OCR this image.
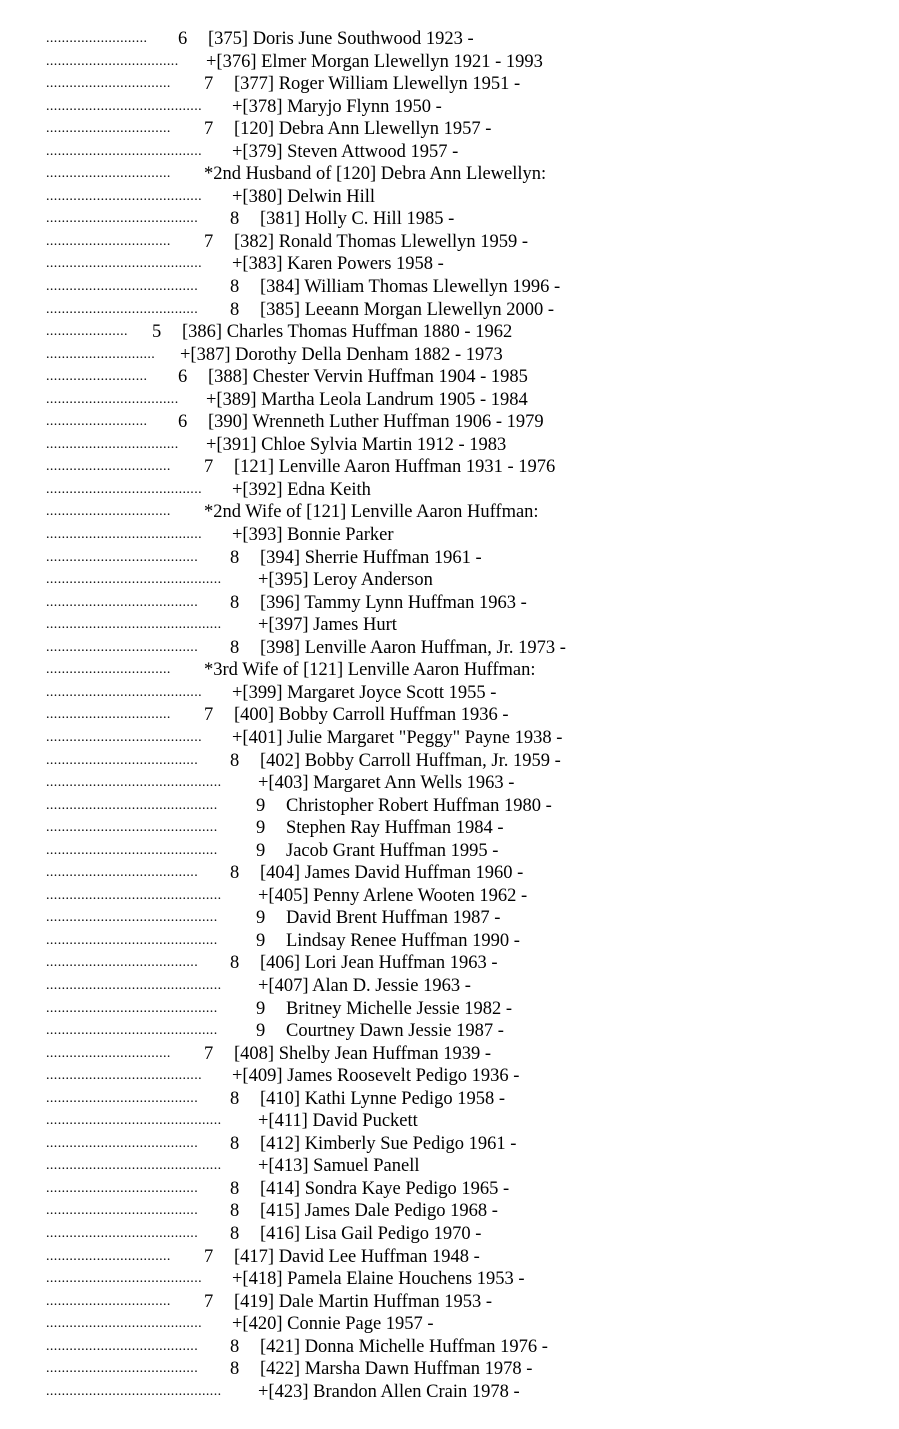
.......................... 6 [375] Doris June Southwood 1923 -
.................................. +[376] Elmer Morgan Llewellyn 1921 - 1993
................................ 7 [377] Roger William Llewellyn 1951 -
........................................ +[378] Maryjo Flynn 1950 -
................................ 7 [120] Debra Ann Llewellyn 1957 -
........................................ +[379] Steven Attwood 1957 -
................................ *2nd Husband of [120] Debra Ann Llewellyn:
........................................ +[380] Delwin Hill
....................................... 8 [381] Holly C. Hill 1985 -
................................ 7 [382] Ronald Thomas Llewellyn 1959 -
........................................ +[383] Karen Powers 1958 -
....................................... 8 [384] William Thomas Llewellyn 1996 -
....................................... 8 [385] Leeann Morgan Llewellyn 2000 -
..................... 5 [386] Charles Thomas Huffman 1880 - 1962
............................ +[387] Dorothy Della Denham 1882 - 1973
.......................... 6 [388] Chester Vervin Huffman 1904 - 1985
.................................. +[389] Martha Leola Landrum 1905 - 1984
.......................... 6 [390] Wrenneth Luther Huffman 1906 - 1979
.................................. +[391] Chloe Sylvia Martin 1912 - 1983
................................ 7 [121] Lenville Aaron Huffman 1931 - 1976
........................................ +[392] Edna Keith
................................ *2nd Wife of [121] Lenville Aaron Huffman:
........................................ +[393] Bonnie Parker
....................................... 8 [394] Sherrie Huffman 1961 -
............................................. +[395] Leroy Anderson
....................................... 8 [396] Tammy Lynn Huffman 1963 -
............................................. +[397] James Hurt
....................................... 8 [398] Lenville Aaron Huffman, Jr. 1973 -
................................ *3rd Wife of [121] Lenville Aaron Huffman:
........................................ +[399] Margaret Joyce Scott 1955 -
................................ 7 [400] Bobby Carroll Huffman 1936 -
........................................ +[401] Julie Margaret "Peggy" Payne 1938 -
....................................... 8 [402] Bobby Carroll Huffman, Jr. 1959 -
............................................. +[403] Margaret Ann Wells 1963 -
............................................ 9 Christopher Robert Huffman 1980 -
............................................ 9 Stephen Ray Huffman 1984 -
............................................ 9 Jacob Grant Huffman 1995 -
....................................... 8 [404] James David Huffman 1960 -
............................................. +[405] Penny Arlene Wooten 1962 -
............................................ 9 David Brent Huffman 1987 -
............................................ 9 Lindsay Renee Huffman 1990 -
....................................... 8 [406] Lori Jean Huffman 1963 -
............................................. +[407] Alan D. Jessie 1963 -
............................................ 9 Britney Michelle Jessie 1982 -
............................................ 9 Courtney Dawn Jessie 1987 -
................................ 7 [408] Shelby Jean Huffman 1939 -
........................................ +[409] James Roosevelt Pedigo 1936 -
....................................... 8 [410] Kathi Lynne Pedigo 1958 -
............................................. +[411] David Puckett
....................................... 8 [412] Kimberly Sue Pedigo 1961 -
............................................. +[413] Samuel Panell
....................................... 8 [414] Sondra Kaye Pedigo 1965 -
....................................... 8 [415] James Dale Pedigo 1968 -
....................................... 8 [416] Lisa Gail Pedigo 1970 -
................................ 7 [417] David Lee Huffman 1948 -
........................................ +[418] Pamela Elaine Houchens 1953 -
................................ 7 [419] Dale Martin Huffman 1953 -
........................................ +[420] Connie Page 1957 -
....................................... 8 [421] Donna Michelle Huffman 1976 -
....................................... 8 [422] Marsha Dawn Huffman 1978 -
............................................. +[423] Brandon Allen Crain 1978 -
